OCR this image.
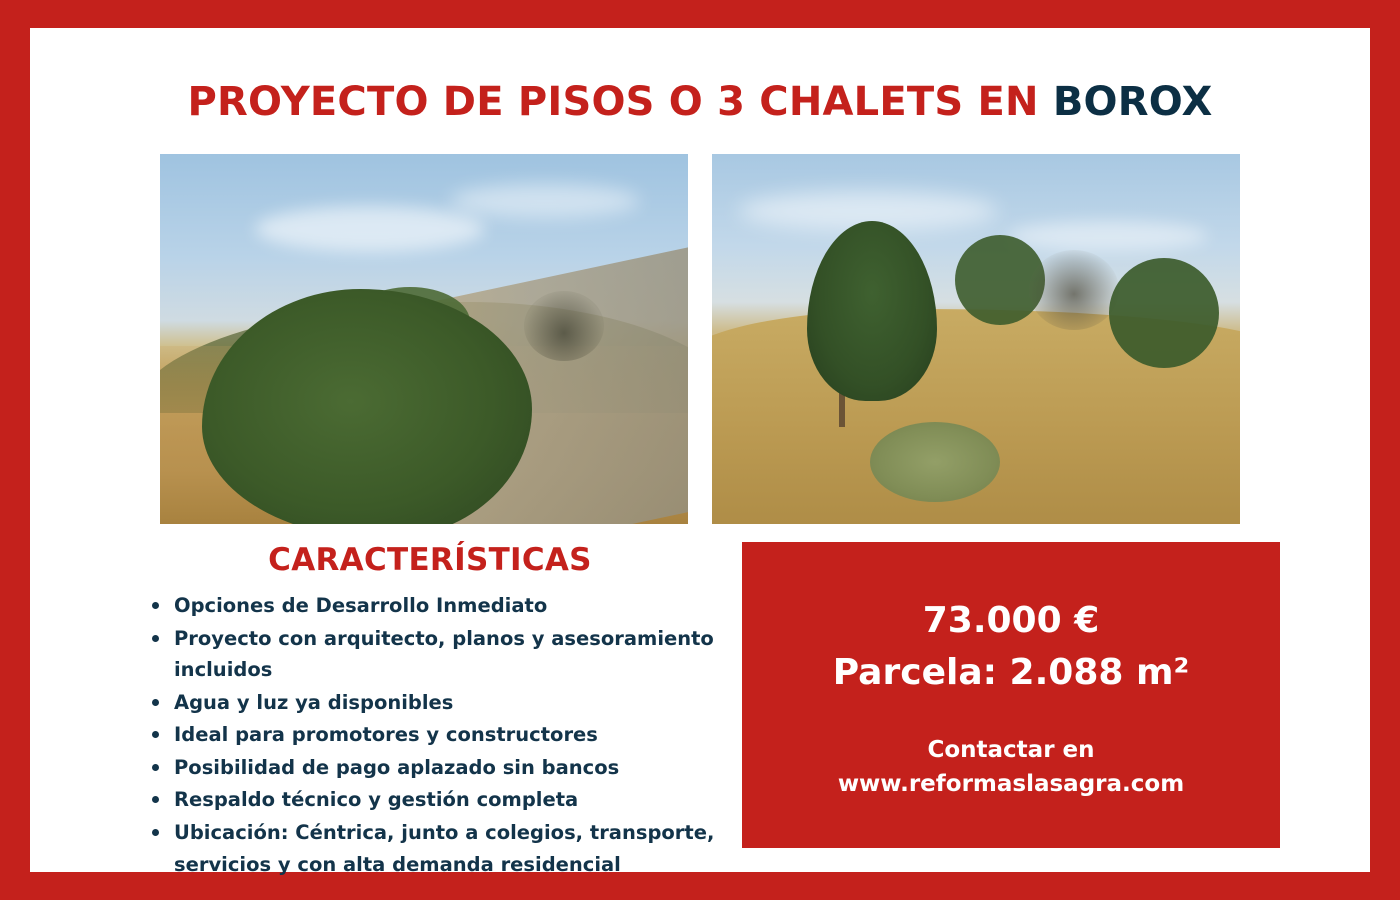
PROYECTO DE PISOS O 3 CHALETS EN BOROX
CARACTERÍSTICAS
Opciones de Desarrollo Inmediato
Proyecto con arquitecto, planos y asesoramiento incluidos
Agua y luz ya disponibles
Ideal para promotores y constructores
Posibilidad de pago aplazado sin bancos
Respaldo técnico y gestión completa
Ubicación: Céntrica, junto a colegios, transporte, servicios y con alta demanda residencial
73.000 €
Parcela: 2.088 m²
Contactar en
www.reformaslasagra.com
